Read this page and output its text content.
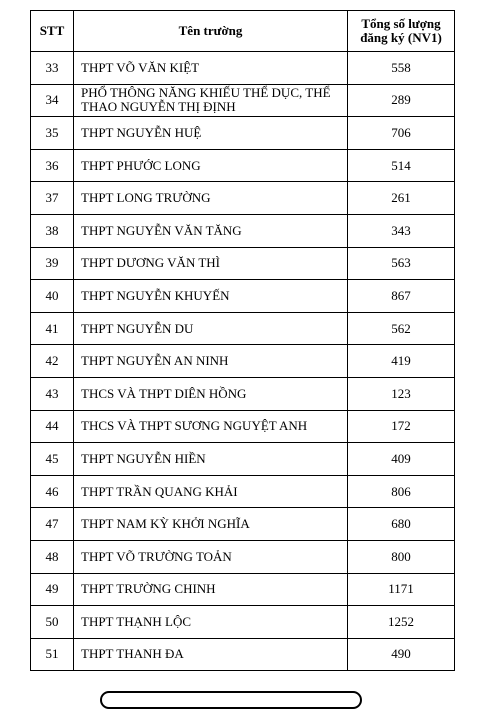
STT	Tên trường	Tổng số lượng đăng ký (NV1)
33	THPT VÕ VĂN KIỆT	558
34	PHỔ THÔNG NĂNG KHIẾU THỂ DỤC, THỂ THAO NGUYỄN THỊ ĐỊNH	289
35	THPT NGUYỄN HUỆ	706
36	THPT PHƯỚC LONG	514
37	THPT LONG TRƯỜNG	261
38	THPT NGUYỄN VĂN TĂNG	343
39	THPT DƯƠNG VĂN THÌ	563
40	THPT NGUYỄN KHUYẾN	867
41	THPT NGUYỄN DU	562
42	THPT NGUYỄN AN NINH	419
43	THCS VÀ THPT DIÊN HỒNG	123
44	THCS VÀ THPT SƯƠNG NGUYỆT ANH	172
45	THPT NGUYỄN HIỀN	409
46	THPT TRẦN QUANG KHẢI	806
47	THPT NAM KỲ KHỞI NGHĨA	680
48	THPT VÕ TRƯỜNG TOẢN	800
49	THPT TRƯỜNG CHINH	1171
50	THPT THẠNH LỘC	1252
51	THPT THANH ĐA	490
